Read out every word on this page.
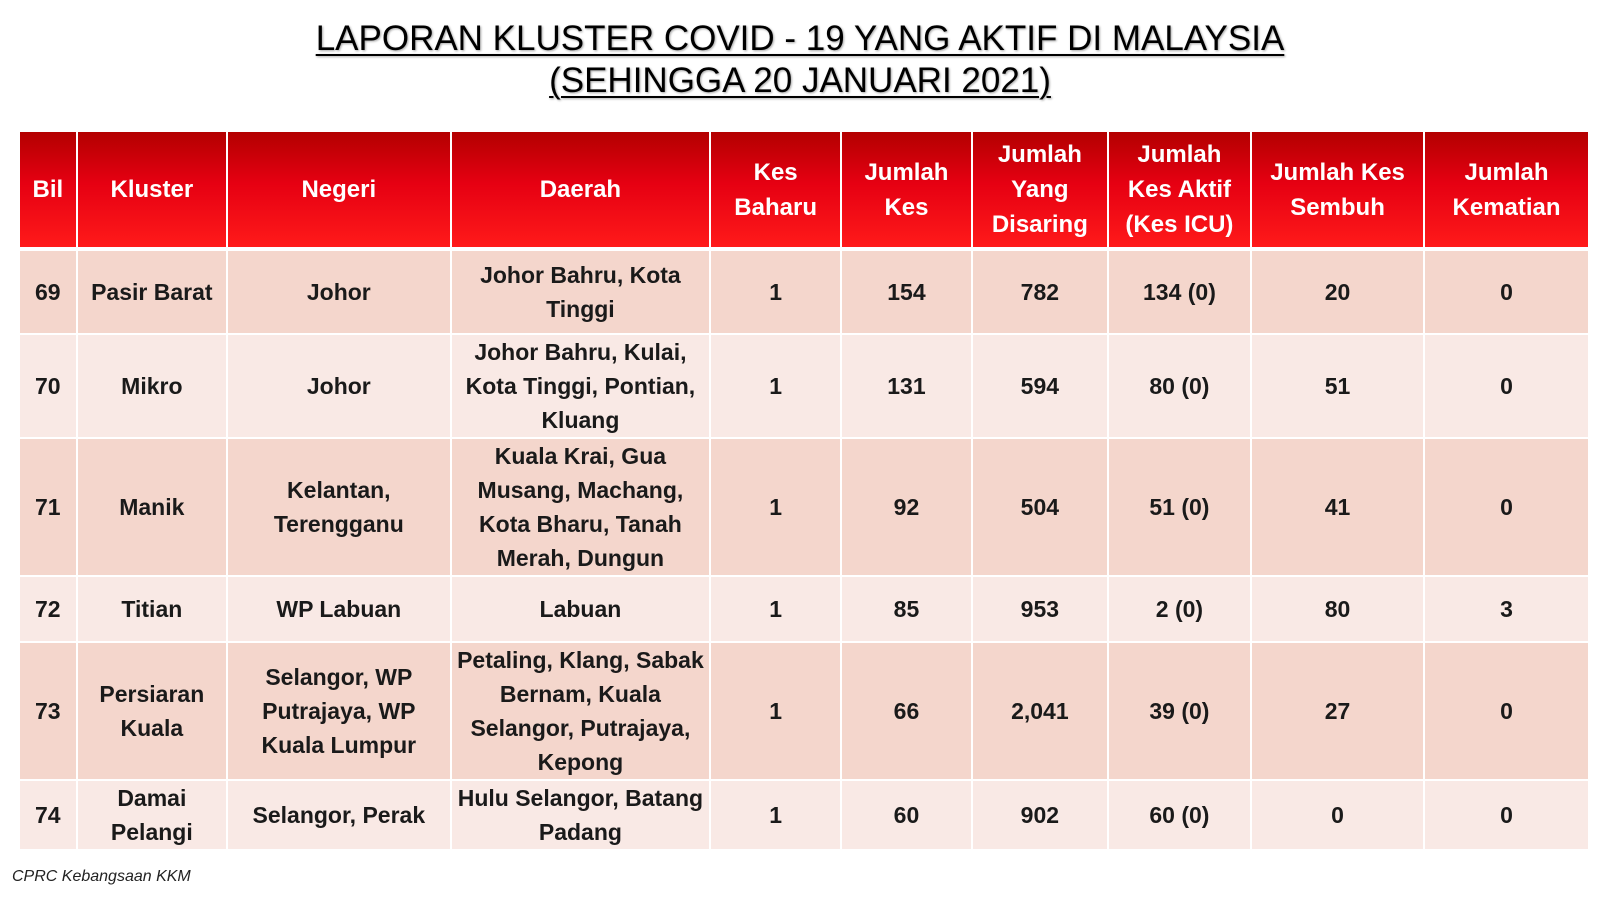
LAPORAN KLUSTER COVID - 19 YANG AKTIF DI MALAYSIA
(SEHINGGA 20 JANUARI 2021)
Bil	Kluster	Negeri	Daerah	Kes Baharu	Jumlah Kes	Jumlah Yang Disaring	Jumlah Kes Aktif (Kes ICU)	Jumlah Kes Sembuh	Jumlah Kematian
69	Pasir Barat	Johor	Johor Bahru, Kota Tinggi	1	154	782	134 (0)	20	0
70	Mikro	Johor	Johor Bahru, Kulai, Kota Tinggi, Pontian, Kluang	1	131	594	80 (0)	51	0
71	Manik	Kelantan, Terengganu	Kuala Krai, Gua Musang, Machang, Kota Bharu, Tanah Merah, Dungun	1	92	504	51 (0)	41	0
72	Titian	WP Labuan	Labuan	1	85	953	2 (0)	80	3
73	Persiaran Kuala	Selangor, WP Putrajaya, WP Kuala Lumpur	Petaling, Klang, Sabak Bernam, Kuala Selangor, Putrajaya, Kepong	1	66	2,041	39 (0)	27	0
74	Damai Pelangi	Selangor, Perak	Hulu Selangor, Batang Padang	1	60	902	60 (0)	0	0
CPRC Kebangsaan KKM
